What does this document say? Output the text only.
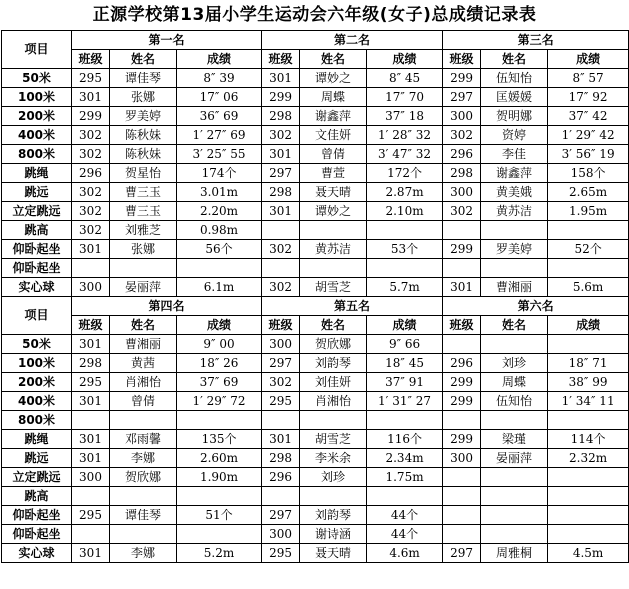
正源学校第13届小学生运动会六年级(女子)总成绩记录表
项目	第一名			第二名			第三名		
	班级	姓名	成绩	班级	姓名	成绩	班级	姓名	成绩
50米	295	谭佳琴	8″ 39	301	谭妙之	8″ 45	299	伍知怡	8″ 57
100米	301	张娜	17″ 06	299	周蝶	17″ 70	297	匡媛媛	17″ 92
200米	299	罗美婷	36″ 69	298	谢鑫萍	37″ 18	300	贺明娜	37″ 42
400米	302	陈秋妹	1′ 27″ 69	302	文佳妍	1′ 28″ 32	302	资婷	1′ 29″ 42
800米	302	陈秋妹	3′ 25″ 55	301	曾倩	3′ 47″ 32	296	李佳	3′ 56″ 19
跳绳	296	贺星怡	174个	297	曹萱	172个	298	谢鑫萍	158个
跳远	302	曹三玉	3.01m	298	聂天晴	2.87m	300	黄美娥	2.65m
立定跳远	302	曹三玉	2.20m	301	谭妙之	2.10m	302	黄苏洁	1.95m
跳高	302	刘雅芝	0.98m						
仰卧起坐	301	张娜	56个	302	黄苏洁	53个	299	罗美婷	52个
仰卧起坐									
实心球	300	晏丽萍	6.1m	302	胡雪芝	5.7m	301	曹湘丽	5.6m
项目	第四名			第五名			第六名		
	班级	姓名	成绩	班级	姓名	成绩	班级	姓名	成绩
50米	301	曹湘丽	9″ 00	300	贺欣娜	9″ 66			
100米	298	黄茜	18″ 26	297	刘韵琴	18″ 45	296	刘珍	18″ 71
200米	295	肖湘怡	37″ 69	302	刘佳妍	37″ 91	299	周蝶	38″ 99
400米	301	曾倩	1′ 29″ 72	295	肖湘怡	1′ 31″ 27	299	伍知怡	1′ 34″ 11
800米									
跳绳	301	邓雨馨	135个	301	胡雪芝	116个	299	梁瑾	114个
跳远	301	李娜	2.60m	298	李米余	2.34m	300	晏丽萍	2.32m
立定跳远	300	贺欣娜	1.90m	296	刘珍	1.75m			
跳高									
仰卧起坐	295	谭佳琴	51个	297	刘韵琴	44个			
仰卧起坐				300	谢诗涵	44个			
实心球	301	李娜	5.2m	295	聂天晴	4.6m	297	周雅桐	4.5m
